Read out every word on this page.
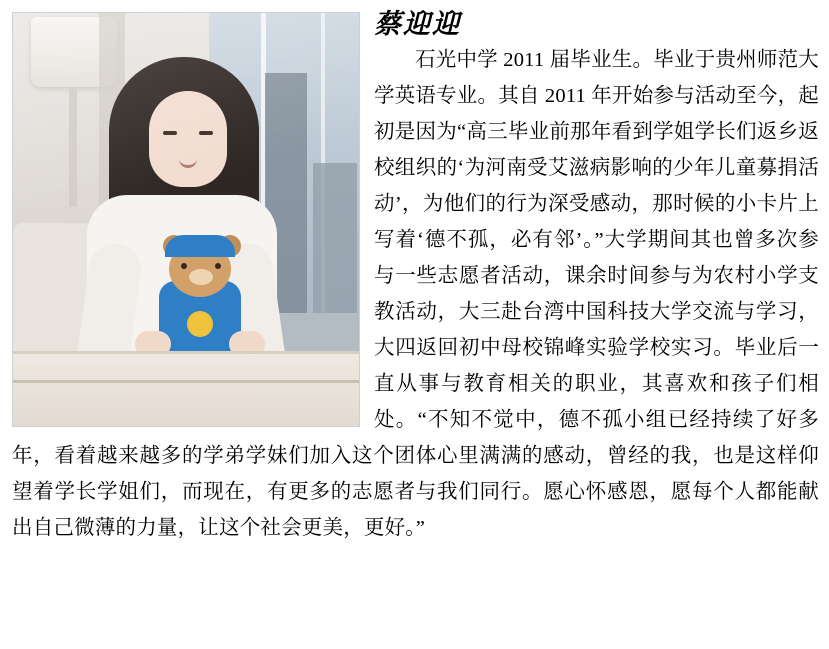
蔡迎迎

石光中学 2011 届毕业生。毕业于贵州师范大学英语专业。其自 2011 年开始参与活动至今，起初是因为“高三毕业前那年看到学姐学长们返乡返校组织的‘为河南受艾滋病影响的少年儿童募捐活动’，为他们的行为深受感动，那时候的小卡片上写着‘德不孤，必有邻’。”大学期间其也曾多次参与一些志愿者活动，课余时间参与为农村小学支教活动，大三赴台湾中国科技大学交流与学习，大四返回初中母校锦峰实验学校实习。毕业后一直从事与教育相关的职业，其喜欢和孩子们相处。“不知不觉中，德不孤小组已经持续了好多年，看着越来越多的学弟学妹们加入这个团体心里满满的感动，曾经的我，也是这样仰望着学长学姐们，而现在，有更多的志愿者与我们同行。愿心怀感恩，愿每个人都能献出自己微薄的力量，让这个社会更美，更好。”
